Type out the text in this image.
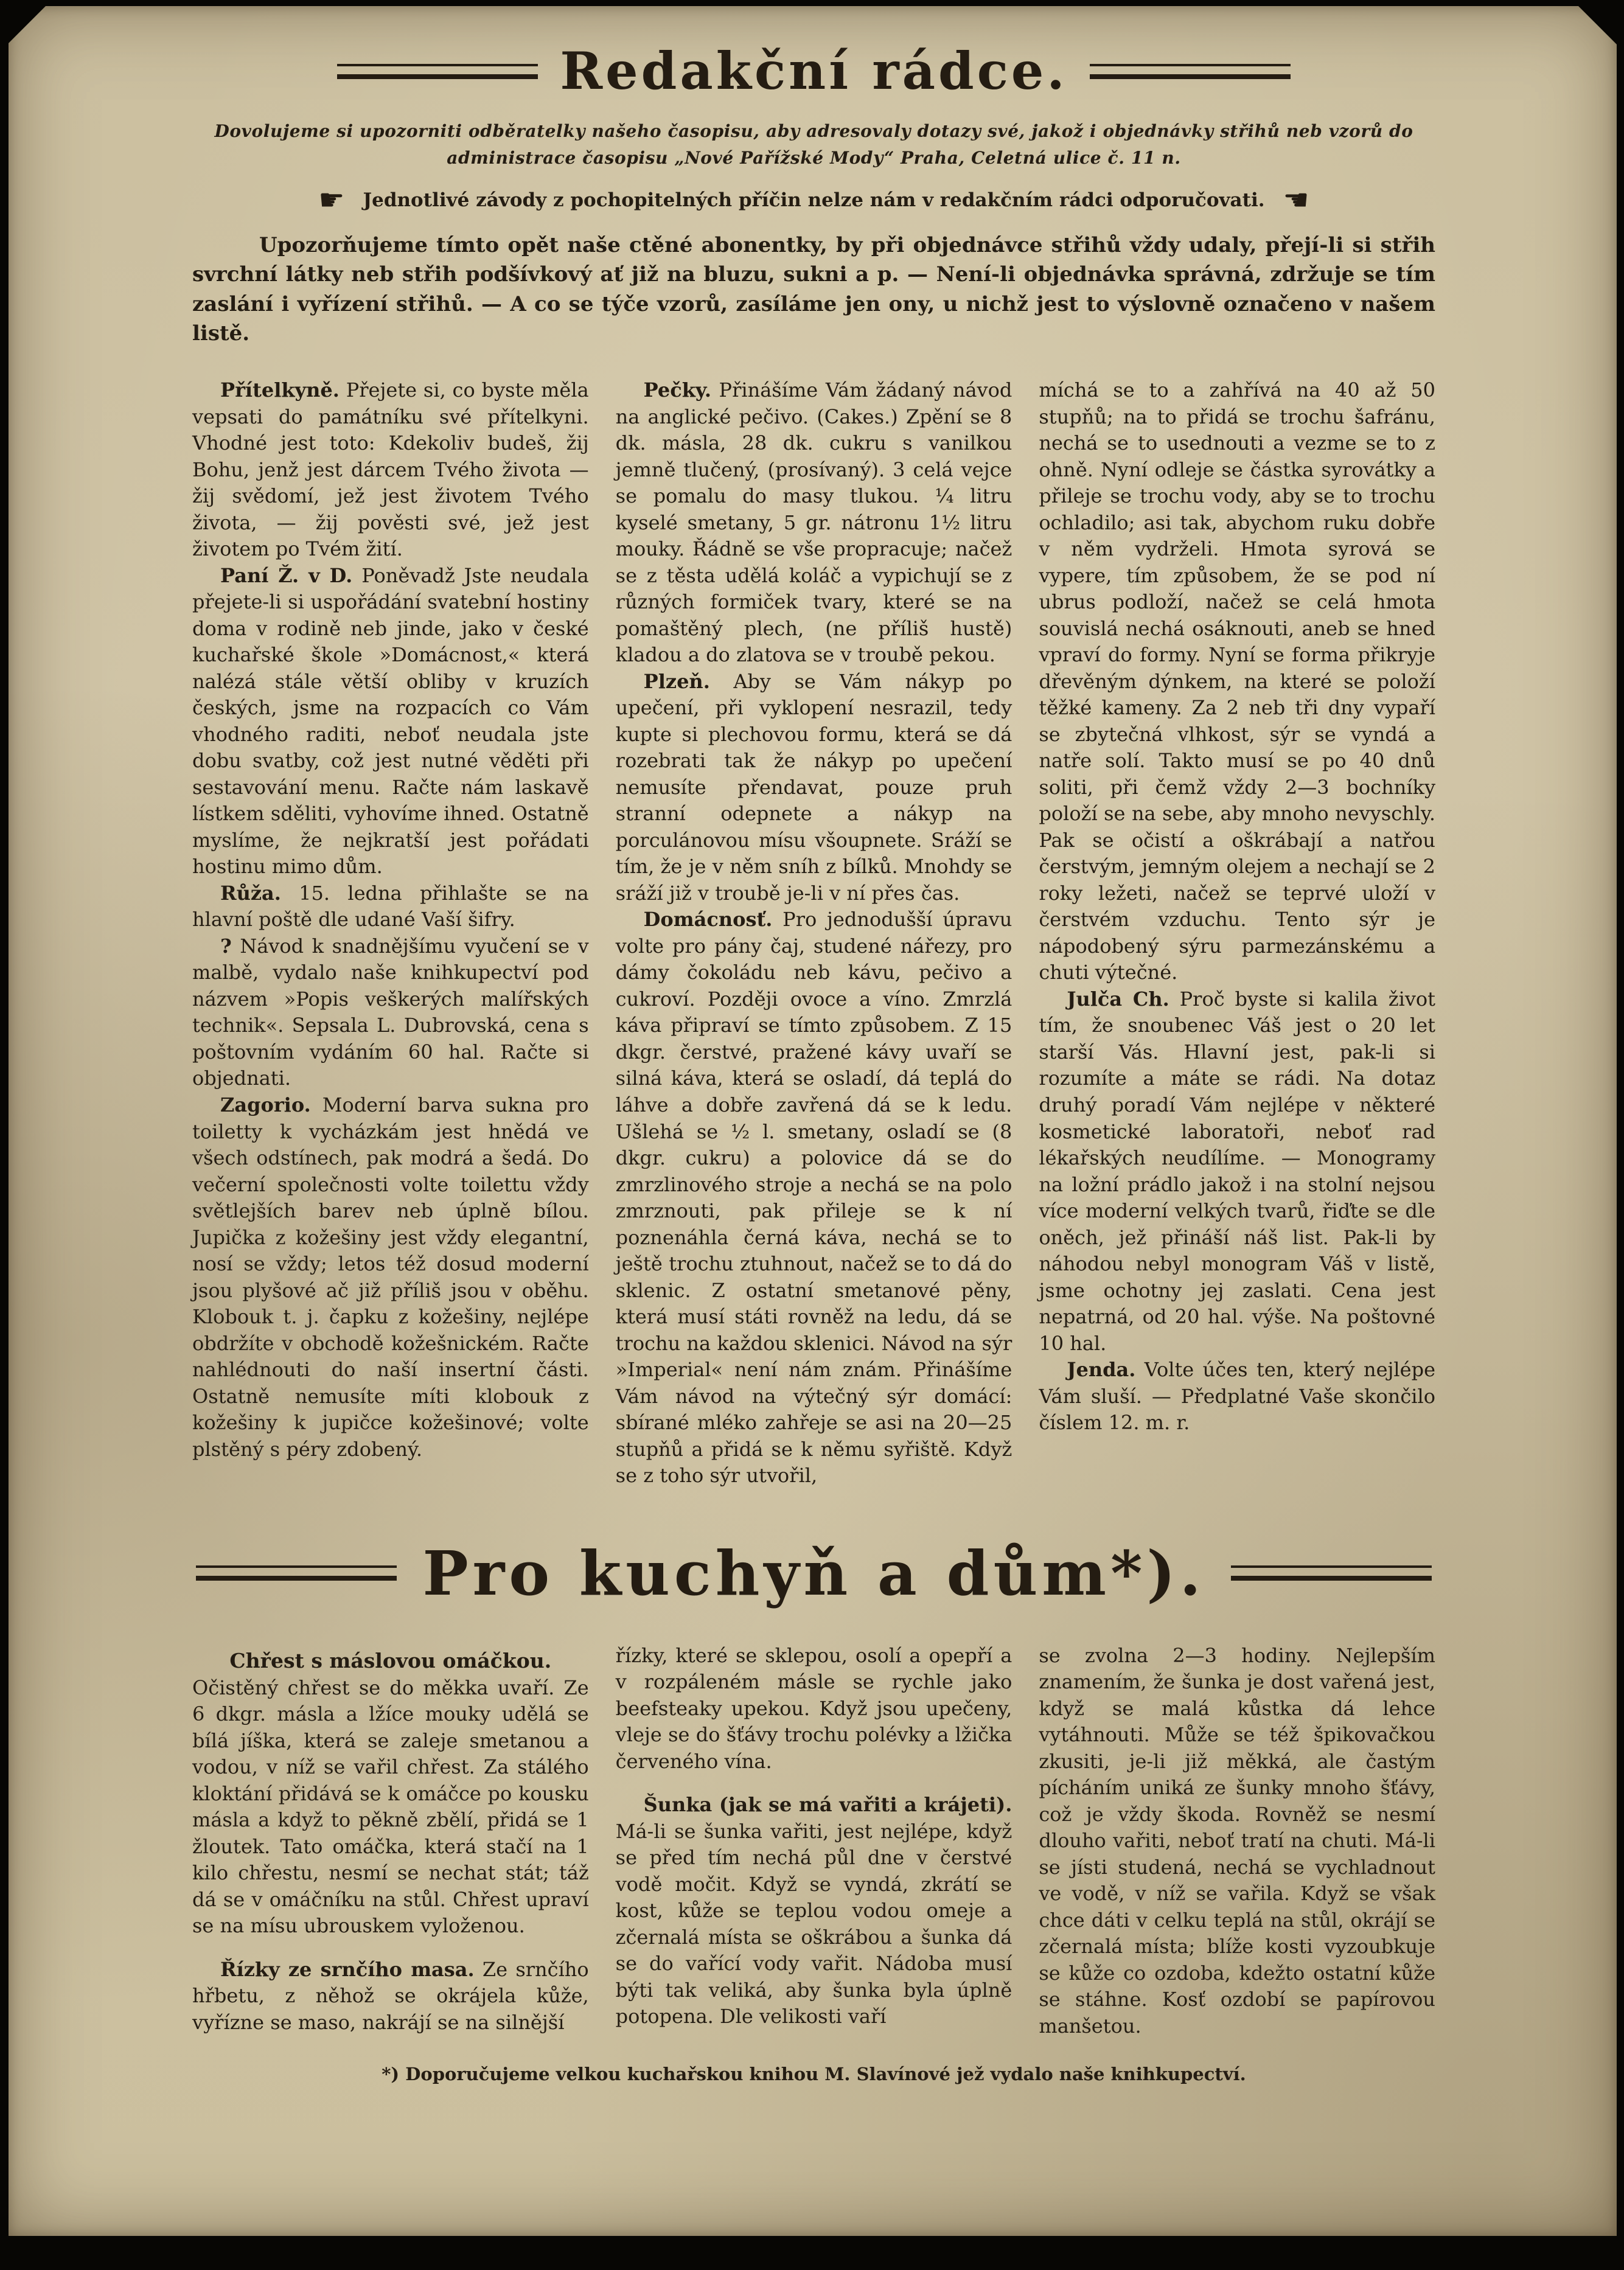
Redakční rádce.

Dovolujeme si upozorniti odběratelky našeho časopisu, aby adresovaly dotazy své, jakož i objednávky střihů neb vzorů do administrace časopisu „Nové Pařížské Mody“ Praha, Celetná ulice č. 11 n.

☛ Jednotlivé závody z pochopitelných příčin nelze nám v redakčním rádci odporučovati. ☚

Upozorňujeme tímto opět naše ctěné abonentky, by při objednávce střihů vždy udaly, přejí-li si střih svrchní látky neb střih podšívkový ať již na bluzu, sukni a p. — Není-li objednávka správná, zdržuje se tím zaslání i vyřízení střihů. — A co se týče vzorů, zasíláme jen ony, u nichž jest to výslovně označeno v našem listě.

Přítelkyně. Přejete si, co byste měla vepsati do památníku své přítelkyni. Vhodné jest toto: Kdekoliv budeš, žij Bohu, jenž jest dárcem Tvého života — žij svědomí, jež jest životem Tvého života, — žij pověsti své, jež jest životem po Tvém žití.

Paní Ž. v D. Poněvadž Jste neudala přejete-li si uspořádání svatební hostiny doma v rodině neb jinde, jako v české kuchařské škole »Domácnost,« která nalézá stále větší obliby v kruzích českých, jsme na rozpacích co Vám vhodného raditi, neboť neudala jste dobu svatby, což jest nutné věděti při sestavování menu. Račte nám laskavě lístkem sděliti, vyhovíme ihned. Ostatně myslíme, že nejkratší jest pořádati hostinu mimo dům.

Růža. 15. ledna přihlašte se na hlavní poště dle udané Vaší šifry.

? Návod k snadnějšímu vyučení se v malbě, vydalo naše knihkupectví pod názvem »Popis veškerých malířských technik«. Sepsala L. Dubrovská, cena s poštovním vydáním 60 hal. Račte si objednati.

Zagorio. Moderní barva sukna pro toiletty k vycházkám jest hnědá ve všech odstínech, pak modrá a šedá. Do večerní společnosti volte toilettu vždy světlejších barev neb úplně bílou. Jupička z kožešiny jest vždy elegantní, nosí se vždy; letos též dosud moderní jsou plyšové ač již příliš jsou v oběhu. Klobouk t. j. čapku z kožešiny, nejlépe obdržíte v obchodě kožešnickém. Račte nahlédnouti do naší insertní části. Ostatně nemusíte míti klobouk z kožešiny k jupičce kožešinové; volte plstěný s péry zdobený.

Pečky. Přinášíme Vám žádaný návod na anglické pečivo. (Cakes.) Zpění se 8 dk. másla, 28 dk. cukru s vanilkou jemně tlučený, (prosívaný). 3 celá vejce se pomalu do masy tlukou. ¼ litru kyselé smetany, 5 gr. nátronu 1½ litru mouky. Řádně se vše propracuje; načež se z těsta udělá koláč a vypichují se z různých formiček tvary, které se na pomaštěný plech, (ne příliš hustě) kladou a do zlatova se v troubě pekou.

Plzeň. Aby se Vám nákyp po upečení, při vyklopení nesrazil, tedy kupte si plechovou formu, která se dá rozebrati tak že nákyp po upečení nemusíte přendavat, pouze pruh stranní odepnete a nákyp na porculánovou mísu všoupnete. Sráží se tím, že je v něm sníh z bílků. Mnohdy se sráží již v troubě je-li v ní přes čas.

Domácnosť. Pro jednodušší úpravu volte pro pány čaj, studené nářezy, pro dámy čokoládu neb kávu, pečivo a cukroví. Později ovoce a víno. Zmrzlá káva připraví se tímto způsobem. Z 15 dkgr. čerstvé, pražené kávy uvaří se silná káva, která se osladí, dá teplá do láhve a dobře zavřená dá se k ledu. Ušlehá se ½ l. smetany, osladí se (8 dkgr. cukru) a polovice dá se do zmrzlinového stroje a nechá se na polo zmrznouti, pak přileje se k ní poznenáhla černá káva, nechá se to ještě trochu ztuhnout, načež se to dá do sklenic. Z ostatní smetanové pěny, která musí státi rovněž na ledu, dá se trochu na každou sklenici. Návod na sýr »Imperial« není nám znám. Přinášíme Vám návod na výtečný sýr domácí: sbírané mléko zahřeje se asi na 20—25 stupňů a přidá se k němu syřiště. Když se z toho sýr utvořil,

míchá se to a zahřívá na 40 až 50 stupňů; na to přidá se trochu šafránu, nechá se to usednouti a vezme se to z ohně. Nyní odleje se částka syrovátky a přileje se trochu vody, aby se to trochu ochladilo; asi tak, abychom ruku dobře v něm vydrželi. Hmota syrová se vypere, tím způsobem, že se pod ní ubrus podloží, načež se celá hmota souvislá nechá osáknouti, aneb se hned vpraví do formy. Nyní se forma přikryje dřevěným dýnkem, na které se položí těžké kameny. Za 2 neb tři dny vypaří se zbytečná vlhkost, sýr se vyndá a natře solí. Takto musí se po 40 dnů soliti, při čemž vždy 2—3 bochníky položí se na sebe, aby mnoho nevyschly. Pak se očistí a oškrábají a natřou čerstvým, jemným olejem a nechají se 2 roky ležeti, načež se teprvé uloží v čerstvém vzduchu. Tento sýr je nápodobený sýru parmezánskému a chuti výtečné.

Julča Ch. Proč byste si kalila život tím, že snoubenec Váš jest o 20 let starší Vás. Hlavní jest, pak-li si rozumíte a máte se rádi. Na dotaz druhý poradí Vám nejlépe v některé kosmetické laboratoři, neboť rad lékařských neudílíme. — Monogramy na ložní prádlo jakož i na stolní nejsou více moderní velkých tvarů, řiďte se dle oněch, jež přináší náš list. Pak-li by náhodou nebyl monogram Váš v listě, jsme ochotny jej zaslati. Cena jest nepatrná, od 20 hal. výše. Na poštovné 10 hal.

Jenda. Volte účes ten, který nejlépe Vám sluší. — Předplatné Vaše skončilo číslem 12. m. r.

Pro kuchyň a dům*).

Chřest s máslovou omáčkou.

Očistěný chřest se do měkka uvaří. Ze 6 dkgr. másla a lžíce mouky udělá se bílá jíška, která se zaleje smetanou a vodou, v níž se vařil chřest. Za stálého kloktání přidává se k omáčce po kousku másla a když to pěkně zbělí, přidá se 1 žloutek. Tato omáčka, která stačí na 1 kilo chřestu, nesmí se nechat stát; táž dá se v omáčníku na stůl. Chřest upraví se na mísu ubrouskem vyloženou.

Řízky ze srnčího masa. Ze srnčího hřbetu, z něhož se okrájela kůže, vyřízne se maso, nakrájí se na silnější

řízky, které se sklepou, osolí a opepří a v rozpáleném másle se rychle jako beefsteaky upekou. Když jsou upečeny, vleje se do šťávy trochu polévky a lžička červeného vína.

Šunka (jak se má vařiti a krájeti). Má-li se šunka vařiti, jest nejlépe, když se před tím nechá půl dne v čerstvé vodě močit. Když se vyndá, zkrátí se kost, kůže se teplou vodou omeje a zčernalá místa se oškrábou a šunka dá se do vařící vody vařit. Nádoba musí býti tak veliká, aby šunka byla úplně potopena. Dle velikosti vaří

se zvolna 2—3 hodiny. Nejlepším znamením, že šunka je dost vařená jest, když se malá kůstka dá lehce vytáhnouti. Může se též špikovačkou zkusiti, je-li již měkká, ale častým pícháním uniká ze šunky mnoho šťávy, což je vždy škoda. Rovněž se nesmí dlouho vařiti, neboť tratí na chuti. Má-li se jísti studená, nechá se vychladnout ve vodě, v níž se vařila. Když se však chce dáti v celku teplá na stůl, okrájí se zčernalá místa; blíže kosti vyzoubkuje se kůže co ozdoba, kdežto ostatní kůže se stáhne. Kosť ozdobí se papírovou manšetou.

*) Doporučujeme velkou kuchařskou knihou M. Slavínové jež vydalo naše knihkupectví.
